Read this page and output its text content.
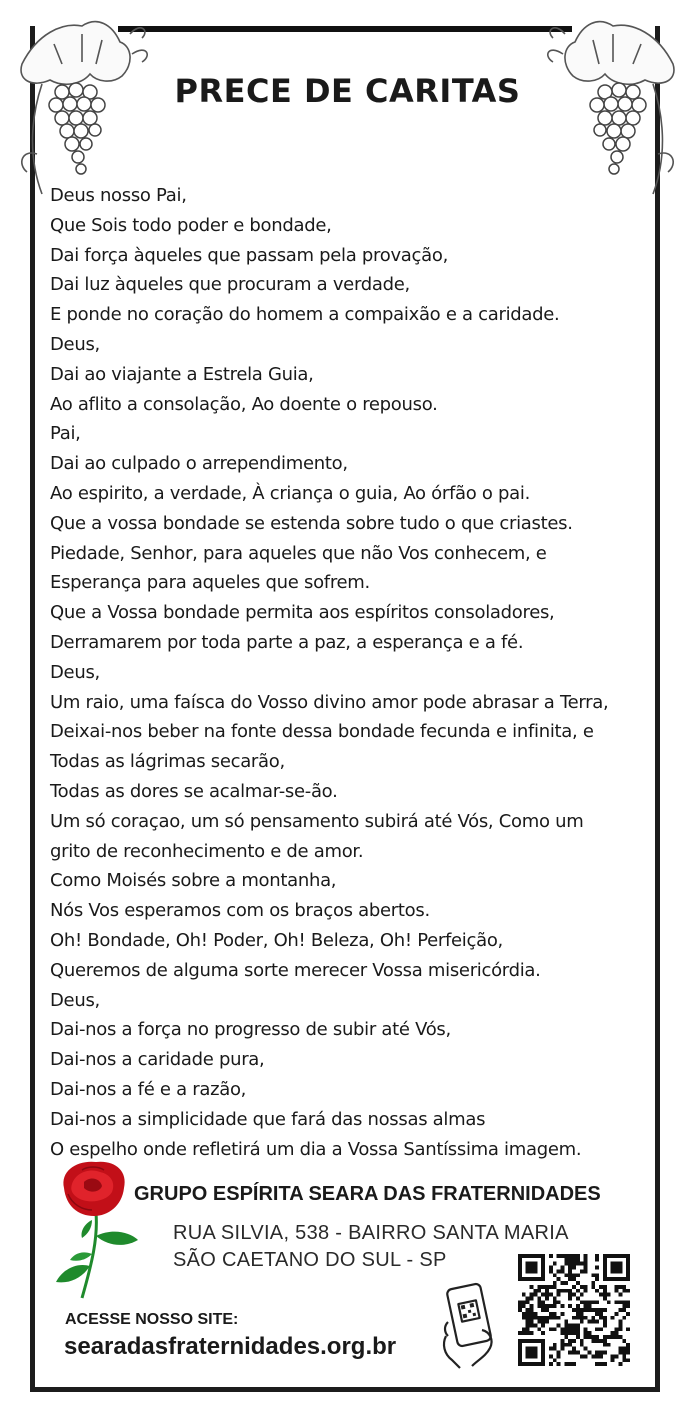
PRECE DE CARITAS
Deus nosso Pai,
Que Sois todo poder e bondade,
Dai força àqueles que passam pela provação,
Dai luz àqueles que procuram a verdade,
E ponde no coração do homem a compaixão e a caridade.
Deus,
Dai ao viajante a Estrela Guia,
Ao aflito a consolação, Ao doente o repouso.
Pai,
Dai ao culpado o arrependimento,
Ao espirito, a verdade, À criança o guia, Ao órfão o pai.
Que a vossa bondade se estenda sobre tudo o que criastes.
Piedade, Senhor, para aqueles que não Vos conhecem, e
Esperança para aqueles que sofrem.
Que a Vossa bondade permita aos espíritos consoladores,
Derramarem por toda parte a paz, a esperança e a fé.
Deus,
Um raio, uma faísca do Vosso divino amor pode abrasar a Terra,
Deixai-nos beber na fonte dessa bondade fecunda e infinita, e
Todas as lágrimas secarão,
Todas as dores se acalmar-se-ão.
Um só coraçao, um só pensamento subirá até Vós, Como um
grito de reconhecimento e de amor.
Como Moisés sobre a montanha,
Nós Vos esperamos com os braços abertos.
Oh! Bondade, Oh! Poder, Oh! Beleza, Oh! Perfeição,
Queremos de alguma sorte merecer Vossa misericórdia.
Deus,
Dai-nos a força no progresso de subir até Vós,
Dai-nos a caridade pura,
Dai-nos a fé e a razão,
Dai-nos a simplicidade que fará das nossas almas
O espelho onde refletirá um dia a Vossa Santíssima imagem.
GRUPO ESPÍRITA SEARA DAS FRATERNIDADES
RUA SILVIA, 538 - BAIRRO SANTA MARIA
SÃO CAETANO DO SUL - SP
ACESSE NOSSO SITE:
searadasfraternidades.org.br
